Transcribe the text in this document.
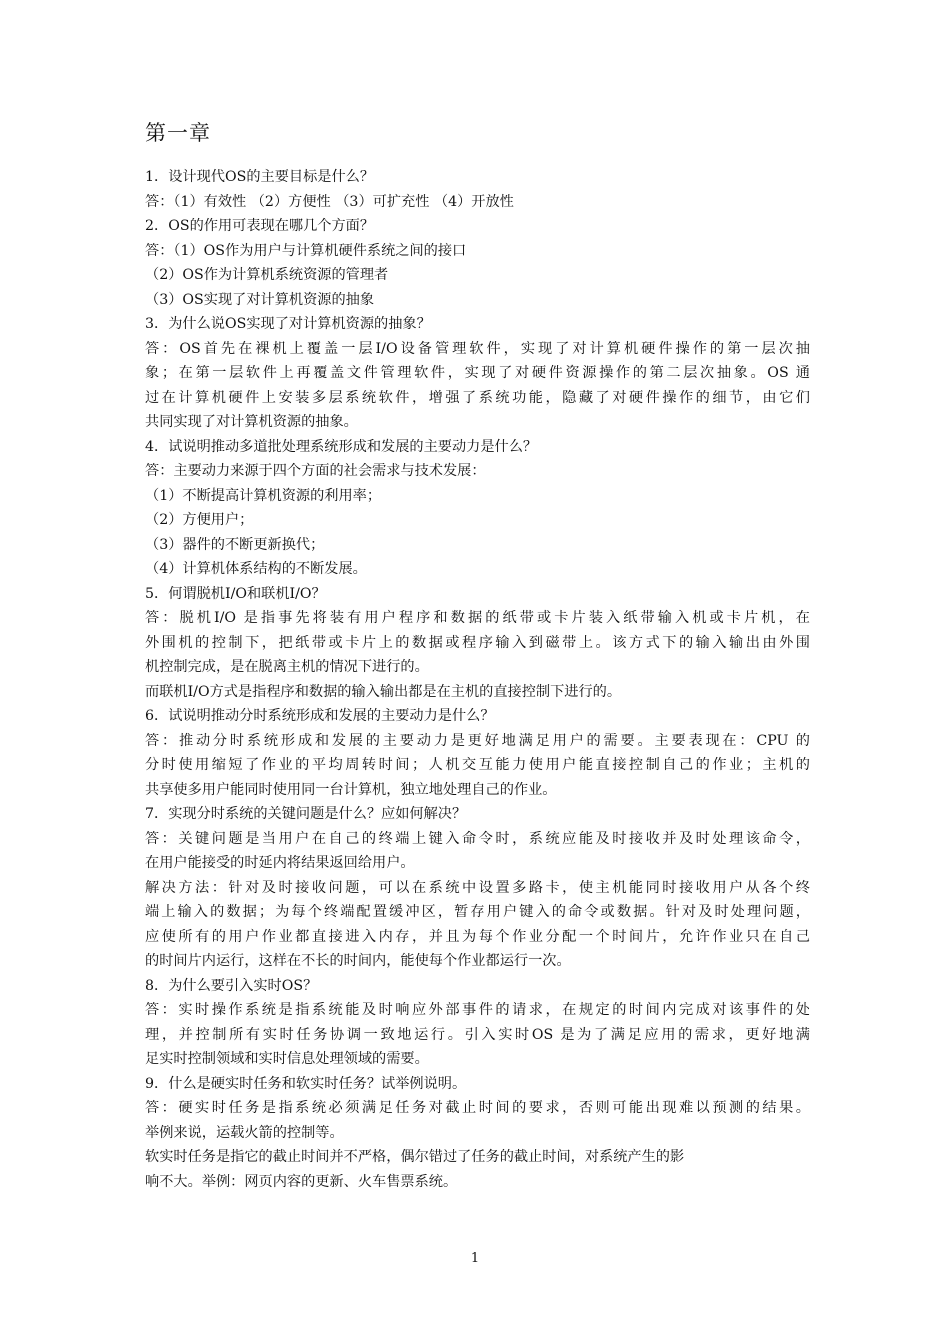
第一章
1．设计现代OS的主要目标是什么？
答：（1）有效性 （2）方便性 （3）可扩充性 （4）开放性
2．OS的作用可表现在哪几个方面？
答：（1）OS作为用户与计算机硬件系统之间的接口
（2）OS作为计算机系统资源的管理者
（3）OS实现了对计算机资源的抽象
3．为什么说OS实现了对计算机资源的抽象？
答：OS首先在裸机上覆盖一层I/O设备管理软件，实现了对计算机硬件操作的第一层次抽
象；在第一层软件上再覆盖文件管理软件，实现了对硬件资源操作的第二层次抽象。OS 通
过在计算机硬件上安装多层系统软件，增强了系统功能，隐藏了对硬件操作的细节，由它们
共同实现了对计算机资源的抽象。
4．试说明推动多道批处理系统形成和发展的主要动力是什么？
答：主要动力来源于四个方面的社会需求与技术发展：
（1）不断提高计算机资源的利用率；
（2）方便用户；
（3）器件的不断更新换代；
（4）计算机体系结构的不断发展。
5．何谓脱机I/O和联机I/O？
答：脱机I/O 是指事先将装有用户程序和数据的纸带或卡片装入纸带输入机或卡片机，在
外围机的控制下，把纸带或卡片上的数据或程序输入到磁带上。该方式下的输入输出由外围
机控制完成，是在脱离主机的情况下进行的。
而联机I/O方式是指程序和数据的输入输出都是在主机的直接控制下进行的。
6．试说明推动分时系统形成和发展的主要动力是什么？
答：推动分时系统形成和发展的主要动力是更好地满足用户的需要。主要表现在：CPU 的
分时使用缩短了作业的平均周转时间；人机交互能力使用户能直接控制自己的作业；主机的
共享使多用户能同时使用同一台计算机，独立地处理自己的作业。
7．实现分时系统的关键问题是什么？应如何解决？
答：关键问题是当用户在自己的终端上键入命令时，系统应能及时接收并及时处理该命令，
在用户能接受的时延内将结果返回给用户。
解决方法：针对及时接收问题，可以在系统中设置多路卡，使主机能同时接收用户从各个终
端上输入的数据；为每个终端配置缓冲区，暂存用户键入的命令或数据。针对及时处理问题，
应使所有的用户作业都直接进入内存，并且为每个作业分配一个时间片，允许作业只在自己
的时间片内运行，这样在不长的时间内，能使每个作业都运行一次。
8．为什么要引入实时OS？
答：实时操作系统是指系统能及时响应外部事件的请求，在规定的时间内完成对该事件的处
理，并控制所有实时任务协调一致地运行。引入实时OS 是为了满足应用的需求，更好地满
足实时控制领域和实时信息处理领域的需要。
9．什么是硬实时任务和软实时任务？试举例说明。
答：硬实时任务是指系统必须满足任务对截止时间的要求，否则可能出现难以预测的结果。
举例来说，运载火箭的控制等。
软实时任务是指它的截止时间并不严格，偶尔错过了任务的截止时间，对系统产生的影
响不大。举例：网页内容的更新、火车售票系统。
1
